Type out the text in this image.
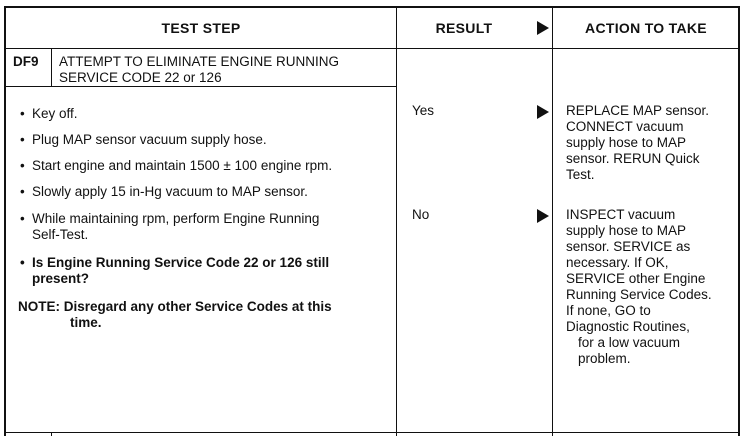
TEST STEP	RESULT	ACTION TO TAKE
DF9 ATTEMPT TO ELIMINATE ENGINE RUNNING
SERVICE CODE 22 or 126
• Key off.
• Plug MAP sensor vacuum supply hose.
• Start engine and maintain 1500 ± 100 engine rpm.
• Slowly apply 15 in-Hg vacuum to MAP sensor.
• While maintaining rpm, perform Engine Running
Self-Test.
• Is Engine Running Service Code 22 or 126 still
present?
NOTE: Disregard any other Service Codes at this
time.
Yes
No
REPLACE MAP sensor.
CONNECT vacuum
supply hose to MAP
sensor. RERUN Quick
Test.
INSPECT vacuum
supply hose to MAP
sensor. SERVICE as
necessary. If OK,
SERVICE other Engine
Running Service Codes.
If none, GO to
Diagnostic Routines,
for a low vacuum
problem.
